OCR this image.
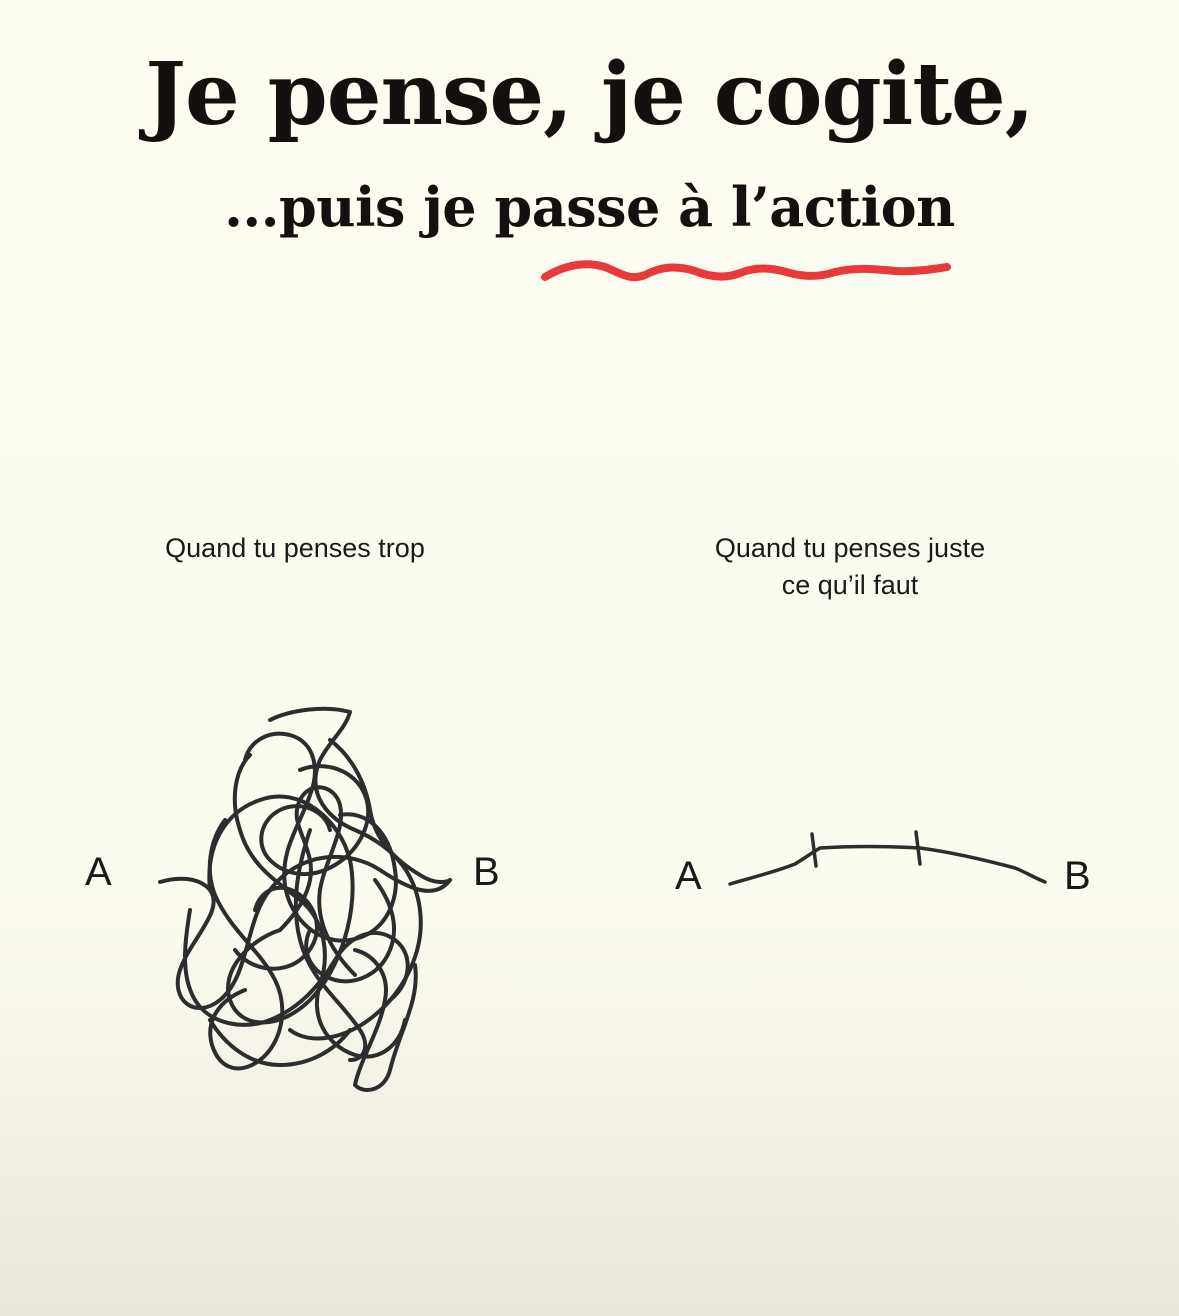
Je pense, je cogite,
...puis je passe à l’action
Quand tu penses trop	Quand tu penses juste
ce qu’il faut
A	B	A	B
